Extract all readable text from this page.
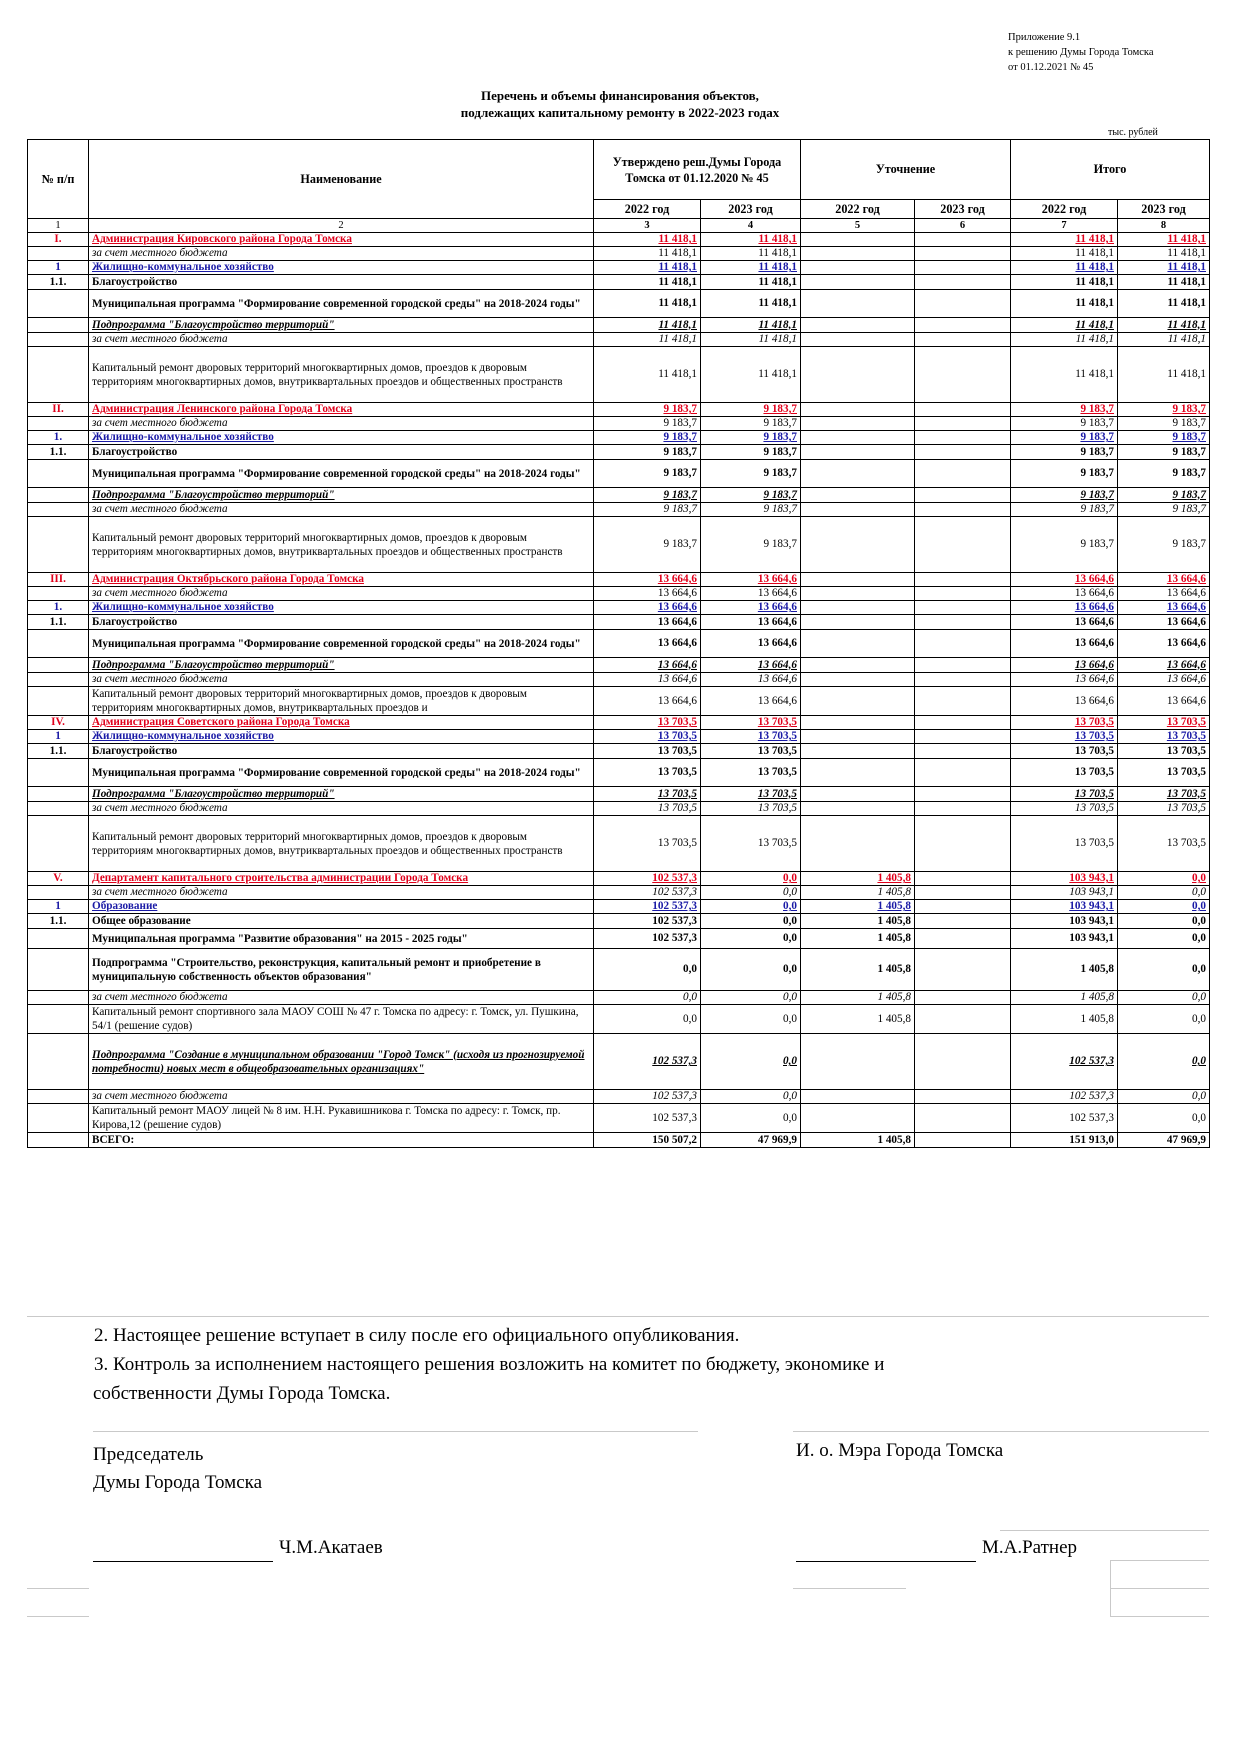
Приложение 9.1
к решению Думы Города Томска
от 01.12.2021 № 45
Перечень и объемы финансирования объектов,
подлежащих капитальному ремонту в 2022-2023 годах
тыс. рублей
№ п/п	Наименование	Утверждено реш.Думы Города Томска от 01.12.2020 № 45		Уточнение		Итого	
		2022 год	2023 год	2022 год	2023 год	2022 год	2023 год
1	2	3	4	5	6	7	8
I.	Администрация Кировского района Города Томска	11 418,1	11 418,1			11 418,1	11 418,1
	за счет местного бюджета	11 418,1	11 418,1			11 418,1	11 418,1
1	Жилищно-коммунальное хозяйство	11 418,1	11 418,1			11 418,1	11 418,1
1.1.	Благоустройство	11 418,1	11 418,1			11 418,1	11 418,1
	Муниципальная программа "Формирование современной городской среды" на 2018-2024 годы"	11 418,1	11 418,1			11 418,1	11 418,1
	Подпрограмма "Благоустройство территорий"	11 418,1	11 418,1			11 418,1	11 418,1
	за счет местного бюджета	11 418,1	11 418,1			11 418,1	11 418,1
	Капитальный ремонт дворовых территорий многоквартирных домов, проездов к дворовым территориям многоквартирных домов, внутриквартальных проездов и общественных пространств	11 418,1	11 418,1			11 418,1	11 418,1
II.	Администрация Ленинского района Города Томска	9 183,7	9 183,7			9 183,7	9 183,7
	за счет местного бюджета	9 183,7	9 183,7			9 183,7	9 183,7
1.	Жилищно-коммунальное хозяйство	9 183,7	9 183,7			9 183,7	9 183,7
1.1.	Благоустройство	9 183,7	9 183,7			9 183,7	9 183,7
	Муниципальная программа "Формирование современной городской среды" на 2018-2024 годы"	9 183,7	9 183,7			9 183,7	9 183,7
	Подпрограмма "Благоустройство территорий"	9 183,7	9 183,7			9 183,7	9 183,7
	за счет местного бюджета	9 183,7	9 183,7			9 183,7	9 183,7
	Капитальный ремонт дворовых территорий многоквартирных домов, проездов к дворовым территориям многоквартирных домов, внутриквартальных проездов и общественных пространств	9 183,7	9 183,7			9 183,7	9 183,7
III.	Администрация Октябрьского района Города Томска	13 664,6	13 664,6			13 664,6	13 664,6
	за счет местного бюджета	13 664,6	13 664,6			13 664,6	13 664,6
1.	Жилищно-коммунальное хозяйство	13 664,6	13 664,6			13 664,6	13 664,6
1.1.	Благоустройство	13 664,6	13 664,6			13 664,6	13 664,6
	Муниципальная программа "Формирование современной городской среды" на 2018-2024 годы"	13 664,6	13 664,6			13 664,6	13 664,6
	Подпрограмма "Благоустройство территорий"	13 664,6	13 664,6			13 664,6	13 664,6
	за счет местного бюджета	13 664,6	13 664,6			13 664,6	13 664,6
	Капитальный ремонт дворовых территорий многоквартирных домов, проездов к дворовым территориям многоквартирных домов, внутриквартальных проездов и	13 664,6	13 664,6			13 664,6	13 664,6
IV.	Администрация Советского района Города Томска	13 703,5	13 703,5			13 703,5	13 703,5
1	Жилищно-коммунальное хозяйство	13 703,5	13 703,5			13 703,5	13 703,5
1.1.	Благоустройство	13 703,5	13 703,5			13 703,5	13 703,5
	Муниципальная программа "Формирование современной городской среды" на 2018-2024 годы"	13 703,5	13 703,5			13 703,5	13 703,5
	Подпрограмма "Благоустройство территорий"	13 703,5	13 703,5			13 703,5	13 703,5
	за счет местного бюджета	13 703,5	13 703,5			13 703,5	13 703,5
	Капитальный ремонт дворовых территорий многоквартирных домов, проездов к дворовым территориям многоквартирных домов, внутриквартальных проездов и общественных пространств	13 703,5	13 703,5			13 703,5	13 703,5
V.	Департамент капитального строительства администрации Города Томска	102 537,3	0,0	1 405,8		103 943,1	0,0
	за счет местного бюджета	102 537,3	0,0	1 405,8		103 943,1	0,0
1	Образование	102 537,3	0,0	1 405,8		103 943,1	0,0
1.1.	Общее образование	102 537,3	0,0	1 405,8		103 943,1	0,0
	Муниципальная программа "Развитие образования" на 2015 - 2025 годы"	102 537,3	0,0	1 405,8		103 943,1	0,0
	Подпрограмма "Строительство, реконструкция, капитальный ремонт и приобретение в муниципальную собственность объектов образования"	0,0	0,0	1 405,8		1 405,8	0,0
	за счет местного бюджета	0,0	0,0	1 405,8		1 405,8	0,0
	Капитальный ремонт спортивного зала МАОУ СОШ № 47 г. Томска по адресу: г. Томск, ул. Пушкина, 54/1 (решение судов)	0,0	0,0	1 405,8		1 405,8	0,0
	Подпрограмма "Создание в муниципальном образовании "Город Томск" (исходя из прогнозируемой потребности) новых мест в общеобразовательных организациях"	102 537,3	0,0			102 537,3	0,0
	за счет местного бюджета	102 537,3	0,0			102 537,3	0,0
	Капитальный ремонт МАОУ лицей № 8 им. Н.Н. Рукавишникова г. Томска по адресу: г. Томск, пр. Кирова,12 (решение судов)	102 537,3	0,0			102 537,3	0,0
	ВСЕГО:	150 507,2	47 969,9	1 405,8		151 913,0	47 969,9
2. Настоящее решение вступает в силу после его официального опубликования.
3. Контроль за исполнением настоящего решения возложить на комитет по бюджету, экономике и
собственности Думы Города Томска.
Председатель
Думы Города Томска
И. о. Мэра Города Томска
Ч.М.Акатаев	М.А.Ратнер
